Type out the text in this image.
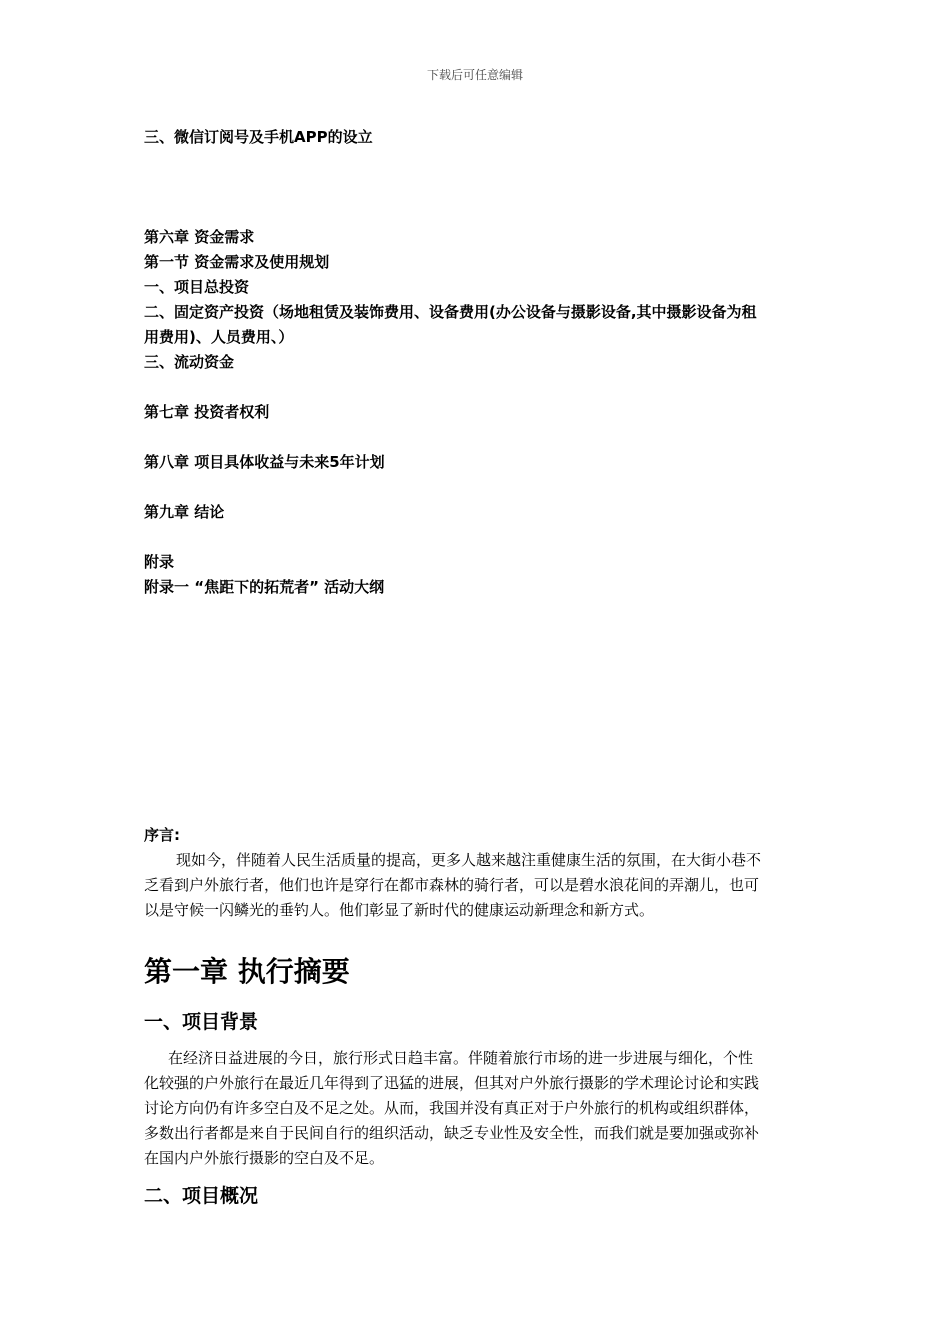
下载后可任意编辑
三、微信订阅号及手机APP的设立
第六章 资金需求
第一节 资金需求及使用规划
一、项目总投资
二、固定资产投资（场地租赁及装饰费用、设备费用(办公设备与摄影设备,其中摄影设备为租
用费用)、人员费用、）
三、流动资金
第七章 投资者权利
第八章 项目具体收益与未来5年计划
第九章 结论
附录
附录一 “焦距下的拓荒者” 活动大纲
序言:
现如今，伴随着人民生活质量的提高，更多人越来越注重健康生活的氛围，在大街小巷不
乏看到户外旅行者，他们也许是穿行在都市森林的骑行者，可以是碧水浪花间的弄潮儿，也可
以是守候一闪鳞光的垂钓人。他们彰显了新时代的健康运动新理念和新方式。
第一章 执行摘要
一、项目背景
在经济日益进展的今日，旅行形式日趋丰富。伴随着旅行市场的进一步进展与细化，个性
化较强的户外旅行在最近几年得到了迅猛的进展，但其对户外旅行摄影的学术理论讨论和实践
讨论方向仍有许多空白及不足之处。从而，我国并没有真正对于户外旅行的机构或组织群体，
多数出行者都是来自于民间自行的组织活动，缺乏专业性及安全性，而我们就是要加强或弥补
在国内户外旅行摄影的空白及不足。
二、项目概况
